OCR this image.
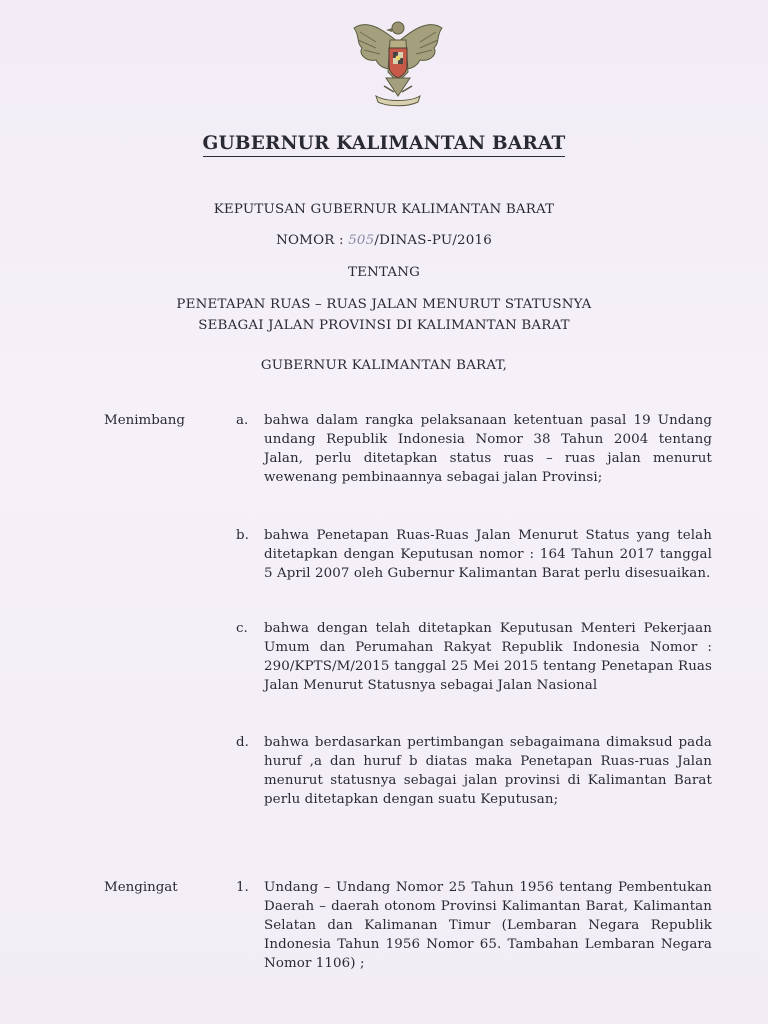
GUBERNUR KALIMANTAN BARAT
KEPUTUSAN GUBERNUR KALIMANTAN BARAT
NOMOR : 505/DINAS-PU/2016
TENTANG
PENETAPAN RUAS – RUAS JALAN MENURUT STATUSNYA
SEBAGAI JALAN PROVINSI DI KALIMANTAN BARAT
GUBERNUR KALIMANTAN BARAT,
Menimbang	a. bahwa dalam rangka pelaksanaan ketentuan pasal 19 Undang undang Republik Indonesia Nomor 38 Tahun 2004 tentang Jalan, perlu ditetapkan status ruas – ruas jalan menurut wewenang pembinaannya sebagai jalan Provinsi;
b. bahwa Penetapan Ruas-Ruas Jalan Menurut Status yang telah ditetapkan dengan Keputusan nomor : 164 Tahun 2017 tanggal 5 April 2007 oleh Gubernur Kalimantan Barat perlu disesuaikan.
c. bahwa dengan telah ditetapkan Keputusan Menteri Pekerjaan Umum dan Perumahan Rakyat Republik Indonesia Nomor : 290/KPTS/M/2015 tanggal 25 Mei 2015 tentang Penetapan Ruas Jalan Menurut Statusnya sebagai Jalan Nasional
d. bahwa berdasarkan pertimbangan sebagaimana dimaksud pada huruf ,a dan huruf b diatas maka Penetapan Ruas-ruas Jalan menurut statusnya sebagai jalan provinsi di Kalimantan Barat perlu ditetapkan dengan suatu Keputusan;
Mengingat	1. Undang – Undang Nomor 25 Tahun 1956 tentang Pembentukan Daerah – daerah otonom Provinsi Kalimantan Barat, Kalimantan Selatan dan Kalimanan Timur (Lembaran Negara Republik Indonesia Tahun 1956 Nomor 65. Tambahan Lembaran Negara Nomor 1106) ;
